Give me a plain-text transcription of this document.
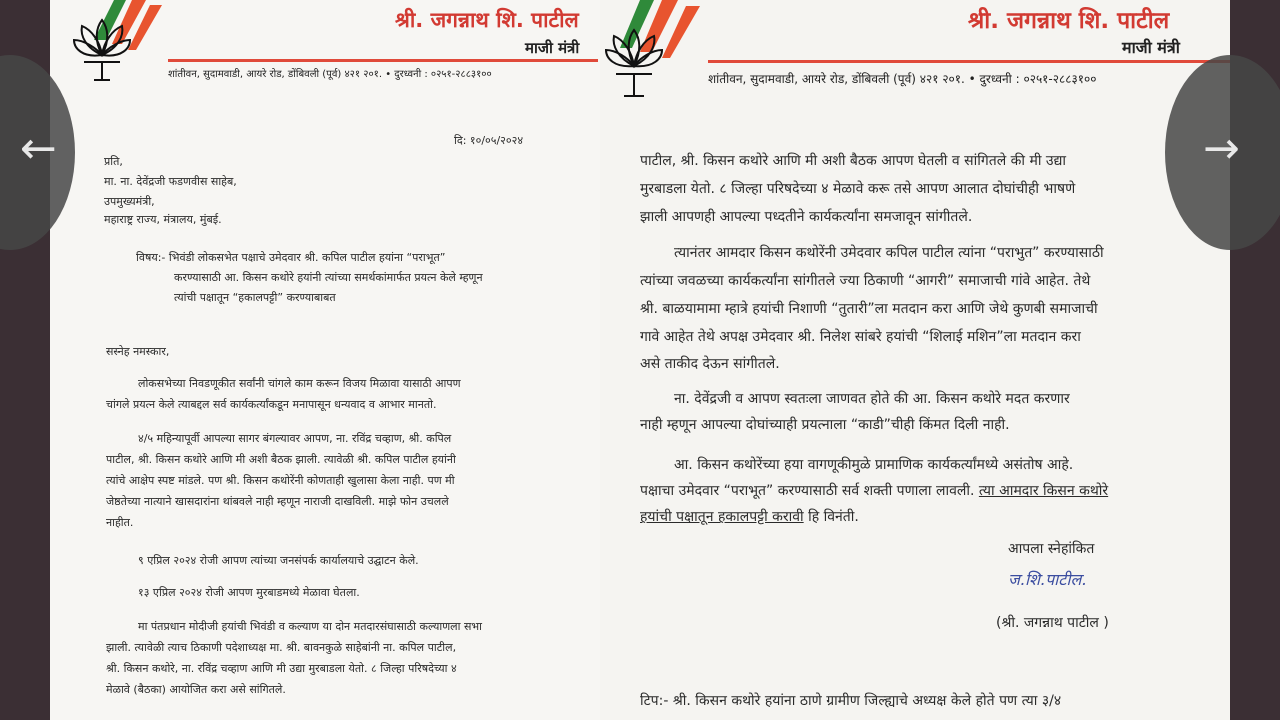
श्री. जगन्नाथ शि. पाटील
माजी मंत्री
शांतीवन, सुदामवाडी, आयरे रोड, डोंबिवली (पूर्व) ४२१ २०१. • दुरध्वनी : ०२५१-२८८३१००
दि: १०/०५/२०२४
प्रति,
मा. ना. देवेंद्रजी फडणवीस साहेब,
उपमुख्यमंत्री,
महाराष्ट्र राज्य, मंत्रालय, मुंबई.
विषय:- भिवंडी लोकसभेत पक्षाचे उमेदवार श्री. कपिल पाटील हयांना “पराभूत”
करण्यासाठी आ. किसन कथोरे हयांनी त्यांच्या समर्थकांमार्फत प्रयत्न केले म्हणून
त्यांची पक्षातून “हकालपट्टी” करण्याबाबत
सस्नेह नमस्कार,
लोकसभेच्या निवडणूकीत सर्वांनी चांगले काम करून विजय मिळावा यासाठी आपण
चांगले प्रयत्न केले त्याबद्दल सर्व कार्यकर्त्यांकडून मनापासून धन्यवाद व आभार मानतो.
४/५ महिन्यापूर्वी आपल्या सागर बंगल्यावर आपण, ना. रविंद्र चव्हाण, श्री. कपिल
पाटील, श्री. किसन कथोरे आणि मी अशी बैठक झाली. त्यावेळी श्री. कपिल पाटील हयांनी
त्यांचे आक्षेप स्पष्ट मांडले. पण श्री. किसन कथोरेंनी कोणताही खुलासा केला नाही. पण मी
जेष्ठतेच्या नात्याने खासदारांना थांबवले नाही म्हणून नाराजी दाखविली. माझे फोन उचलले
नाहीत.
९ एप्रिल २०२४ रोजी आपण त्यांच्या जनसंपर्क कार्यालयाचे उद्घाटन केले.
१३ एप्रिल २०२४ रोजी आपण मुरबाडमध्ये मेळावा घेतला.
मा पंतप्रधान मोदीजी हयांची भिवंडी व कल्याण या दोन मतदारसंघासाठी कल्याणला सभा
झाली. त्यावेळी त्याच ठिकाणी पदेशाध्यक्ष मा. श्री. बावनकुळे साहेबांनी ना. कपिल पाटील,
श्री. किसन कथोरे, ना. रविंद्र चव्हाण आणि मी उद्या मुरबाडला येतो. ८ जिल्हा परिषदेच्या ४
मेळावे (बैठका) आयोजित करा असे सांगितले.
श्री. जगन्नाथ शि. पाटील
माजी मंत्री
शांतीवन, सुदामवाडी, आयरे रोड, डोंबिवली (पूर्व) ४२१ २०१. • दुरध्वनी : ०२५१-२८८३१००
पाटील, श्री. किसन कथोरे आणि मी अशी बैठक आपण घेतली व सांगितले की मी उद्या
मुरबाडला येतो. ८ जिल्हा परिषदेच्या ४ मेळावे करू तसे आपण आलात दोघांचीही भाषणे
झाली आपणही आपल्या पध्दतीने कार्यकर्त्यांना समजावून सांगीतले.
त्यानंतर आमदार किसन कथोरेंनी उमेदवार कपिल पाटील त्यांना “पराभुत” करण्यासाठी
त्यांच्या जवळच्या कार्यकर्त्यांना सांगीतले ज्या ठिकाणी “आगरी” समाजाची गांवे आहेत. तेथे
श्री. बाळयामामा म्हात्रे हयांची निशाणी “तुतारी”ला मतदान करा आणि जेथे कुणबी समाजाची
गावे आहेत तेथे अपक्ष उमेदवार श्री. निलेश सांबरे हयांची “शिलाई मशिन”ला मतदान करा
असे ताकीद देऊन सांगीतले.
ना. देवेंद्रजी व आपण स्वतःला जाणवत होते की आ. किसन कथोरे मदत करणार
नाही म्हणून आपल्या दोघांच्याही प्रयत्नाला “काडी”चीही किंमत दिली नाही.
आ. किसन कथोरेंच्या हया वागणूकीमुळे प्रामाणिक कार्यकर्त्यांमध्ये असंतोष आहे.
पक्षाचा उमेदवार “पराभूत” करण्यासाठी सर्व शक्ती पणाला लावली. त्या आमदार किसन कथोरे
हयांची पक्षातून हकालपट्टी करावी हि विनंती.
आपला स्नेहांकित
ज.शि.पाटील.
(श्री. जगन्नाथ पाटील )
टिप:- श्री. किसन कथोरे हयांना ठाणे ग्रामीण जिल्ह्याचे अध्यक्ष केले होते पण त्या ३/४
←	→
